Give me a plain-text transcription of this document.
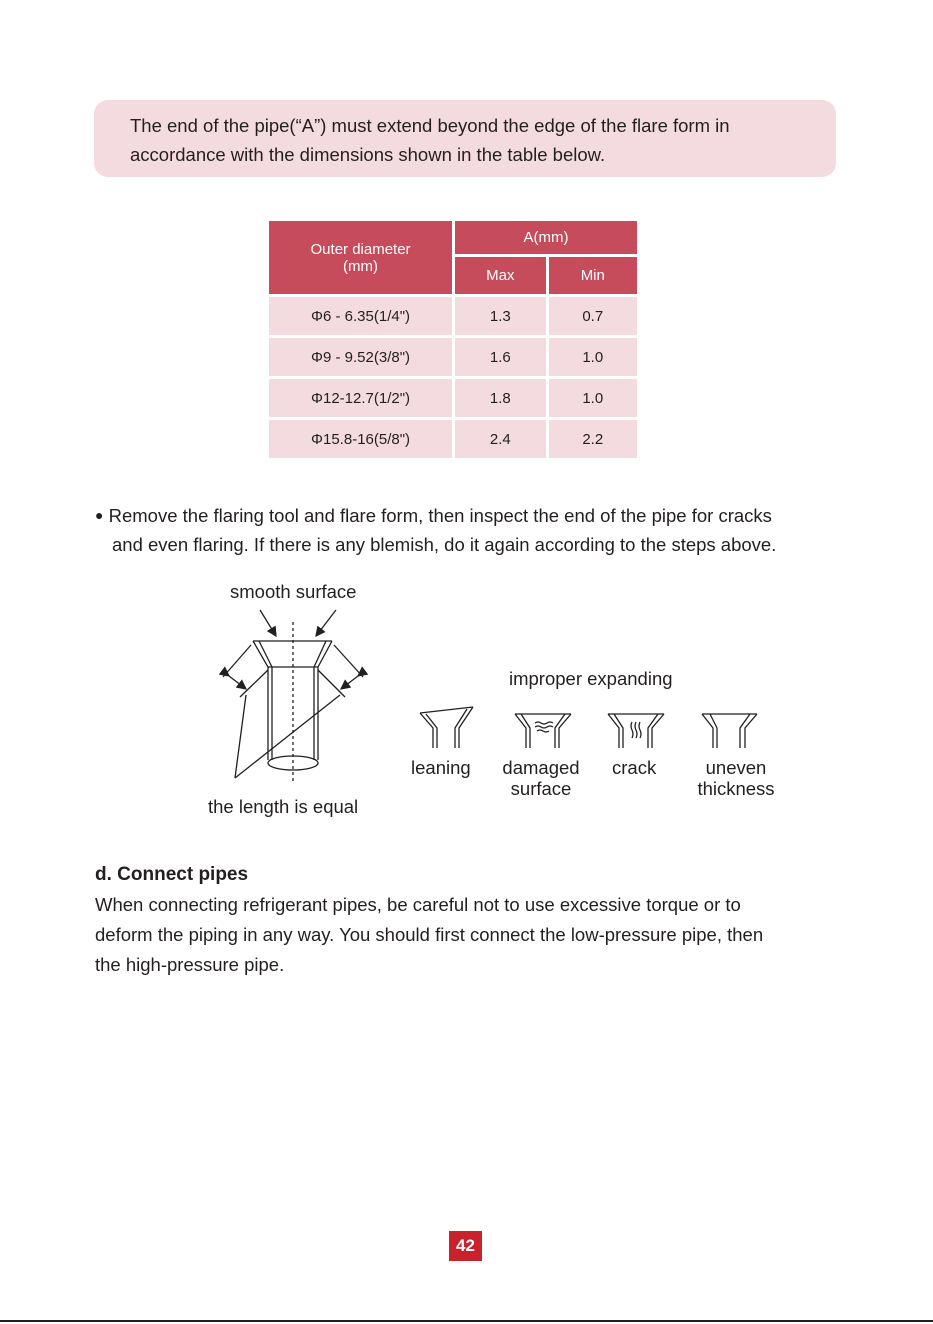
The end of the pipe(“A”) must extend beyond the edge of the flare form in

accordance with the dimensions shown in the table below.

Outer diameter
(mm)	A(mm)	
	Max	Min
Φ6 - 6.35(1/4")	1.3	0.7
Φ9 - 9.52(3/8")	1.6	1.0
Φ12-12.7(1/2")	1.8	1.0
Φ15.8-16(5/8")	2.4	2.2
● Remove the flaring tool and flare form, then inspect the end of the pipe for cracks
and even flaring. If there is any blemish, do it again according to the steps above.
smooth surface
the length is equal
improper expanding
leaning damaged
surface
crack	uneven
thickness
d. Connect pipes

When connecting refrigerant pipes, be careful not to use excessive torque or to

deform the piping in any way. You should first connect the low-pressure pipe, then

the high-pressure pipe.

42
